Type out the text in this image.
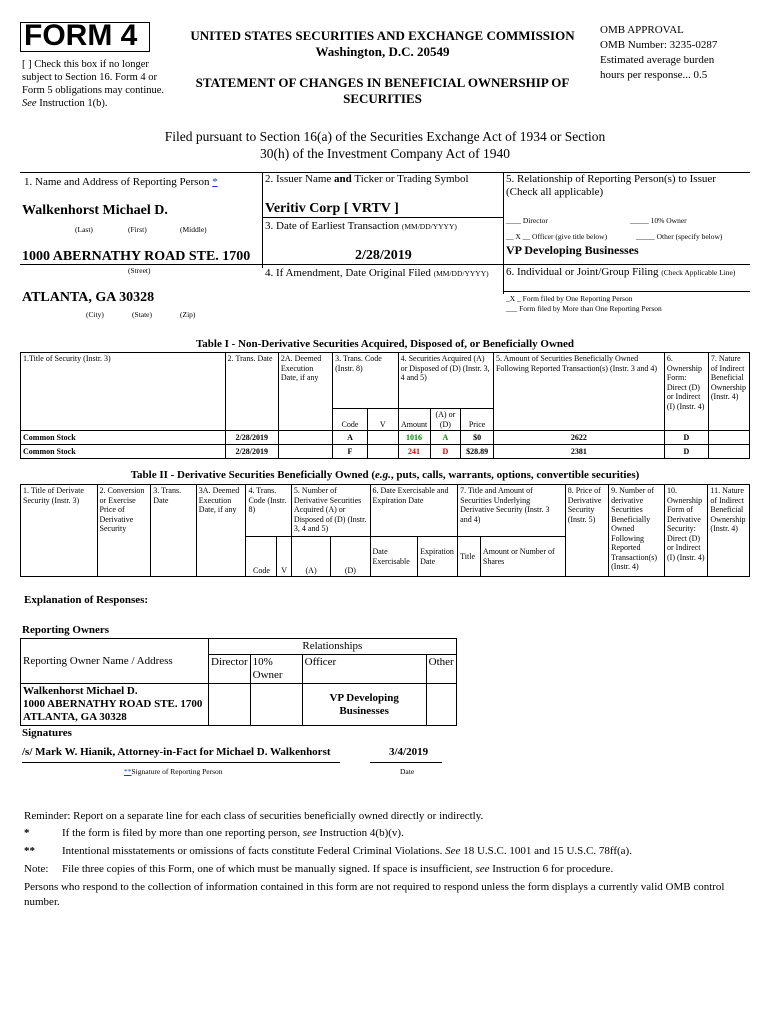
FORM 4
[ ] Check this box if no longer subject to Section 16. Form 4 or Form 5 obligations may continue. See Instruction 1(b).
UNITED STATES SECURITIES AND EXCHANGE COMMISSION
Washington, D.C. 20549
STATEMENT OF CHANGES IN BENEFICIAL OWNERSHIP OF SECURITIES
OMB APPROVAL
OMB Number: 3235-0287
Estimated average burden
hours per response... 0.5
Filed pursuant to Section 16(a) of the Securities Exchange Act of 1934 or Section 30(h) of the Investment Company Act of 1940
1. Name and Address of Reporting Person *
Walkenhorst Michael D.
(Last)	(First)	(Middle)
1000 ABERNATHY ROAD STE. 1700
(Street)
ATLANTA, GA 30328
(City)	(State)	(Zip)
2. Issuer Name and Ticker or Trading Symbol
Veritiv Corp [ VRTV ]
3. Date of Earliest Transaction (MM/DD/YYYY)
2/28/2019
4. If Amendment, Date Original Filed (MM/DD/YYYY)
5. Relationship of Reporting Person(s) to Issuer
(Check all applicable)
____ Director	_____ 10% Owner
__ X __ Officer (give title below)	_____ Other (specify below)
VP Developing Businesses
6. Individual or Joint/Group Filing (Check Applicable Line)
_X _ Form filed by One Reporting Person
___ Form filed by More than One Reporting Person
Table I - Non-Derivative Securities Acquired, Disposed of, or Beneficially Owned
1.Title of Security (Instr. 3)	2. Trans. Date	2A. Deemed Execution Date, if any	3. Trans. Code (Instr. 8)		4. Securities Acquired (A) or Disposed of (D) (Instr. 3, 4 and 5)			5. Amount of Securities Beneficially Owned Following Reported Transaction(s) (Instr. 3 and 4)	6. Ownership Form: Direct (D) or Indirect (I) (Instr. 4)	7. Nature of Indirect Beneficial Ownership (Instr. 4)
			Code	V	Amount	(A) or (D)	Price			
Common Stock	2/28/2019		A		1016	A	$0	2622	D	
Common Stock	2/28/2019		F		241	D	$28.89	2381	D	
Table II - Derivative Securities Beneficially Owned (e.g., puts, calls, warrants, options, convertible securities)
1. Title of Derivate Security (Instr. 3)	2. Conversion or Exercise Price of Derivative Security	3. Trans. Date	3A. Deemed Execution Date, if any	4. Trans. Code (Instr. 8)		5. Number of Derivative Securities Acquired (A) or Disposed of (D) (Instr. 3, 4 and 5)		6. Date Exercisable and Expiration Date		7. Title and Amount of Securities Underlying Derivative Security (Instr. 3 and 4)		8. Price of Derivative Security (Instr. 5)	9. Number of derivative Securities Beneficially Owned Following Reported Transaction(s) (Instr. 4)	10. Ownership Form of Derivative Security: Direct (D) or Indirect (I) (Instr. 4)	11. Nature of Indirect Beneficial Ownership (Instr. 4)
				Code	V	(A)	(D)	Date Exercisable	Expiration Date	Title	Amount or Number of Shares				
Explanation of Responses:
Reporting Owners
Reporting Owner Name / Address	Relationships			
	Director	10% Owner	Officer	Other

Walkenhorst Michael D.
1000 ABERNATHY ROAD STE. 1700
ATLANTA, GA 30328			VP Developing Businesses	
Signatures
/s/ Mark W. Hianik, Attorney-in-Fact for Michael D. Walkenhorst	3/4/2019
**Signature of Reporting Person	Date
Reminder: Report on a separate line for each class of securities beneficially owned directly or indirectly.
*	If the form is filed by more than one reporting person, see Instruction 4(b)(v).
** Intentional misstatements or omissions of facts constitute Federal Criminal Violations. See 18 U.S.C. 1001 and 15 U.S.C. 78ff(a).
Note: File three copies of this Form, one of which must be manually signed. If space is insufficient, see Instruction 6 for procedure.
Persons who respond to the collection of information contained in this form are not required to respond unless the form displays a currently valid OMB control number.
